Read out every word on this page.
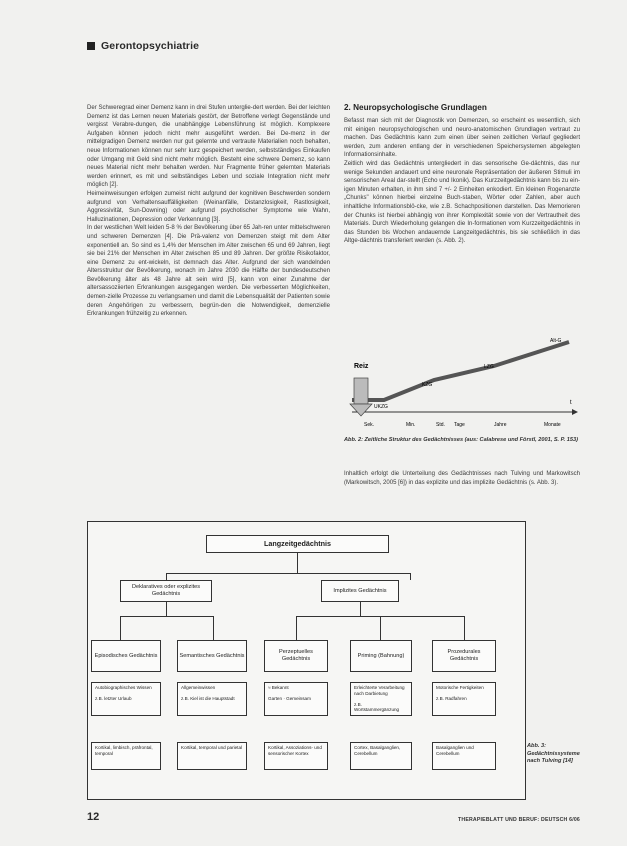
Gerontopsychiatrie

Der Schweregrad einer Demenz kann in drei Stufen unterglie-dert werden. Bei der leichten Demenz ist das Lernen neuen Materials gestört, der Betroffene verlegt Gegenstände und vergisst Verabre-dungen, die unabhängige Lebensführung ist möglich. Komplexere Aufgaben können jedoch nicht mehr ausgeführt werden. Bei De-menz in der mittelgradigen Demenz werden nur gut gelernte und vertraute Materialien noch behalten, neue Informationen können nur sehr kurz gespeichert werden, selbstständiges Einkaufen oder Umgang mit Geld sind nicht mehr möglich. Besteht eine schwere Demenz, so kann neues Material nicht mehr behalten werden. Nur Fragmente früher gelernten Materials werden erinnert, es mit und selbständiges Leben und soziale Integration nicht mehr möglich [2].

Heimeinweisungen erfolgen zumeist nicht aufgrund der kognitiven Beschwerden sondern aufgrund von Verhaltensauffälligkeiten (Weinanfälle, Distanzlosigkeit, Rastlosigkeit, Aggressivität, Sun-Downing) oder aufgrund psychotischer Symptome wie Wahn, Halluzinationen, Depression oder Verkennung [3].

In der westlichen Welt leiden 5-8 % der Bevölkerung über 65 Jah-ren unter mittelschweren und schweren Demenzen [4]. Die Prä-valenz von Demenzen steigt mit dem Alter exponentiell an. So sind es 1,4% der Menschen im Alter zwischen 65 und 69 Jahren, liegt sie bei 21% der Menschen im Alter zwischen 85 und 89 Jahren. Der größte Risikofaktor, eine Demenz zu ent-wickeln, ist demnach das Alter. Aufgrund der sich wandelnden Altersstruktur der Bevölkerung, wonach im Jahre 2030 die Hälfte der bundesdeutschen Bevölkerung älter als 48 Jahre alt sein wird [5], kann von einer Zunahme der altersassoziierten Erkrankungen ausgegangen werden. Die verbesserten Möglichkeiten, demen-zielle Prozesse zu verlangsamen und damit die Lebensqualität der Patienten sowie deren Angehörigen zu verbessern, begrün-den die Notwendigkeit, demenzielle Erkrankungen frühzeitig zu erkennen.

2. Neuropsychologische Grundlagen

Befasst man sich mit der Diagnostik von Demenzen, so erscheint es wesentlich, sich mit einigen neuropsychologischen und neuro-anatomischen Grundlagen vertraut zu machen. Das Gedächtnis kann zum einen über seinen zeitlichen Verlauf gegliedert werden, zum anderen entlang der in verschiedenen Speichersystemen abgelegten Informationsinhalte.

Zeitlich wird das Gedächtnis untergliedert in das sensorische Ge-dächtnis, das nur wenige Sekunden andauert und eine neuronale Repräsentation der äußeren Stimuli im sensorischen Areal dar-stellt (Echo und Ikonik). Das Kurzzeitgedächtnis kann bis zu ein-igen Minuten erhalten, in ihm sind 7 +/- 2 Einheiten enkodiert. Ein kleinen Rogenanzte „Chunks" können hierbei einzelne Buch-staben, Wörter oder Zahlen, aber auch inhaltliche Informationsblö-cke, wie z.B. Schachpositionen darstellen. Das Memorieren der Chunks ist hierbei abhängig von ihrer Komplexität sowie von der Vertrautheit des Materials. Durch Wiederholung gelangen die In-formationen vom Kurzzeitgedächtnis in das Stunden bis Wochen andauernde Langzeitgedächtnis, bis sie schließlich in das Altge-dächtnis transferiert werden (s. Abb. 2).

Reiz
UKZG
KZG
LZG
Alt-G
t
Sek.	Min.	Std. Tage	Jahre	Monate
Abb. 2: Zeitliche Struktur des Gedächtnisses (aus: Calabrese und Förstl, 2001, S. P. 153)
Inhaltlich erfolgt die Unterteilung des Gedächtnisses nach Tulving und Markowitsch (Markowitsch, 2005 [6]) in das explizite und das implizite Gedächtnis (s. Abb. 3).
Langzeitgedächtnis
Deklaratives oder explizites Gedächtnis
Implizites Gedächtnis
Episodisches Gedächtnis	Semantisches Gedächtnis
Perzeptuelles Gedächtnis
Priming (Bahnung)
Prozedurales Gedächtnis
Autobiographisches Wissen

z.B. letzter Urlaub
Allgemeinwissen

z.B. Kiel ist die Hauptstadt
≈ Bekannt

Garten · Gemeinsam
Erleichterte Verarbeitung nach Darbietung

z.B. Wortstammergänzung
Motorische Fertigkeiten

z.B. Radfahren
Kortikal, limbisch, präfrontal, temporal
Kortikal, temporal und parietal	Kortikal, Assoziations- und sensorischer Kortex
Cortex, Basalganglien, Cerebellum
Basalganglien und Cerebellum
Abb. 3: Gedächtnissysteme nach Tulving [14]
12	THERAPIEBLATT UND BERUF: DEUTSCH 6/06
